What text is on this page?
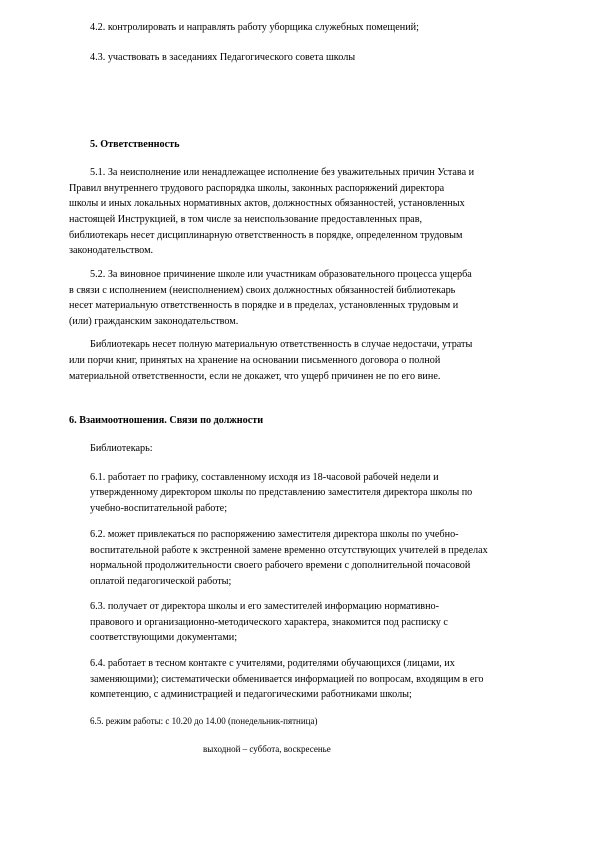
4.2. контролировать и направлять работу уборщика служебных помещений;
4.3. участвовать в заседаниях Педагогического совета школы
5. Ответственность
5.1. За неисполнение или ненадлежащее исполнение без уважительных причин Устава и
Правил внутреннего трудового распорядка школы, законных распоряжений директора
школы и иных локальных нормативных актов, должностных обязанностей, установленных
настоящей Инструкцией, в том числе за неиспользование предоставленных прав,
библиотекарь несет дисциплинарную ответственность в порядке, определенном трудовым
законодательством.
5.2. За виновное причинение школе или участникам образовательного процесса ущерба
в связи с исполнением (неисполнением) своих должностных обязанностей библиотекарь
несет материальную ответственность в порядке и в пределах, установленных трудовым и
(или) гражданским законодательством.
Библиотекарь несет полную материальную ответственность в случае недостачи, утраты
или порчи книг, принятых на хранение на основании письменного договора о полной
материальной ответственности, если не докажет, что ущерб причинен не по его вине.
6. Взаимоотношения. Связи по должности
Библиотекарь:
6.1. работает по графику, составленному исходя из 18-часовой рабочей недели и
утвержденному директором школы по представлению заместителя директора школы по
учебно-воспитательной работе;
6.2. может привлекаться по распоряжению заместителя директора школы по учебно-
воспитательной работе к экстренной замене временно отсутствующих учителей в пределах
нормальной продолжительности своего рабочего времени с дополнительной почасовой
оплатой педагогической работы;
6.3. получает от директора школы и его заместителей информацию нормативно-
правового и организационно-методического характера, знакомится под расписку с
соответствующими документами;
6.4. работает в тесном контакте с учителями, родителями обучающихся (лицами, их
заменяющими); систематически обменивается информацией по вопросам, входящим в его
компетенцию, с администрацией и педагогическими работниками школы;
6.5. режим работы: с 10.20 до 14.00 (понедельник-пятница)
выходной – суббота, воскресенье
